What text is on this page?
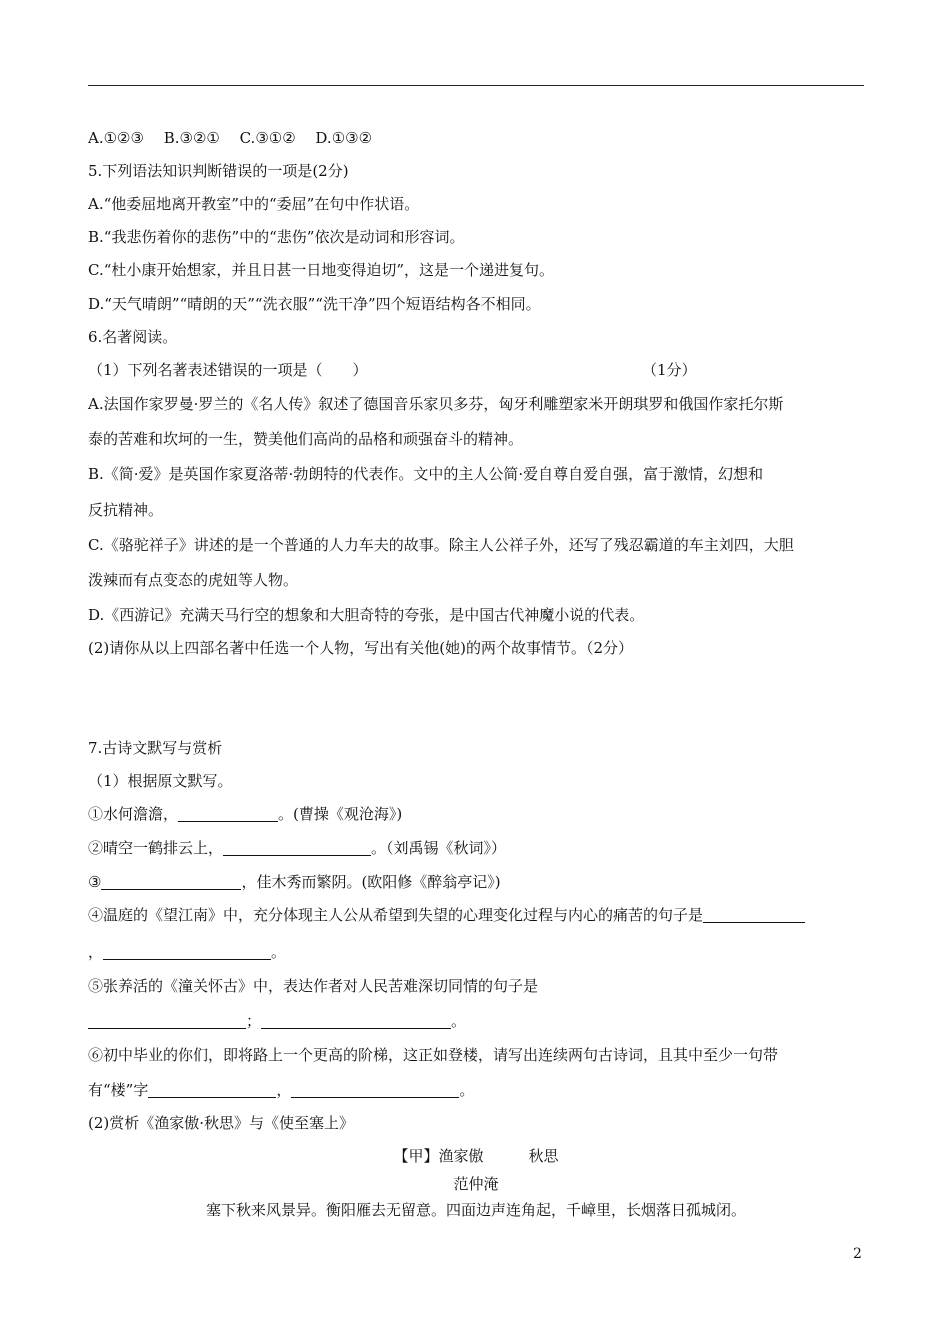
A.①②③　 B.③②①　 C.③①②　 D.①③②
5.下列语法知识判断错误的一项是(2分)
A.“他委屈地离开教室”中的“委屈”在句中作状语。
B.“我悲伤着你的悲伤”中的“悲伤”依次是动词和形容词。
C.“杜小康开始想家，并且日甚一日地变得迫切”，这是一个递进复句。
D.“天气晴朗”“晴朗的天”“洗衣服”“洗干净”四个短语结构各不相同。
6.名著阅读。
（1）下列名著表述错误的一项是（　　）	（1分）
A.法国作家罗曼·罗兰的《名人传》叙述了德国音乐家贝多芬，匈牙利雕塑家米开朗琪罗和俄国作家托尔斯
泰的苦难和坎坷的一生，赞美他们高尚的品格和顽强奋斗的精神。
B.《简·爱》是英国作家夏洛蒂·勃朗特的代表作。文中的主人公简·爱自尊自爱自强，富于激情，幻想和
反抗精神。
C.《骆驼祥子》讲述的是一个普通的人力车夫的故事。除主人公祥子外，还写了残忍霸道的车主刘四，大胆
泼辣而有点变态的虎妞等人物。
D.《西游记》充满天马行空的想象和大胆奇特的夸张，是中国古代神魔小说的代表。
(2)请你从以上四部名著中任选一个人物，写出有关他(她)的两个故事情节。（2分）
7.古诗文默写与赏析
（1）根据原文默写。
①水何澹澹，	。(曹操《观沧海》)
②晴空一鹤排云上，	。（刘禹锡《秋词》）
③	，佳木秀而繁阴。(欧阳修《醉翁亭记》)
④温庭的《望江南》中，充分体现主人公从希望到失望的心理变化过程与内心的痛苦的句子是
，	。
⑤张养活的《潼关怀古》中，表达作者对人民苦难深切同情的句子是
；	。
⑥初中毕业的你们，即将路上一个更高的阶梯，这正如登楼，请写出连续两句古诗词，且其中至少一句带
有“楼”字	，	。
(2)赏析《渔家傲·秋思》与《使至塞上》
【甲】渔家傲　　　秋思
范仲淹
塞下秋来风景异。衡阳雁去无留意。四面边声连角起，千嶂里，长烟落日孤城闭。
2
